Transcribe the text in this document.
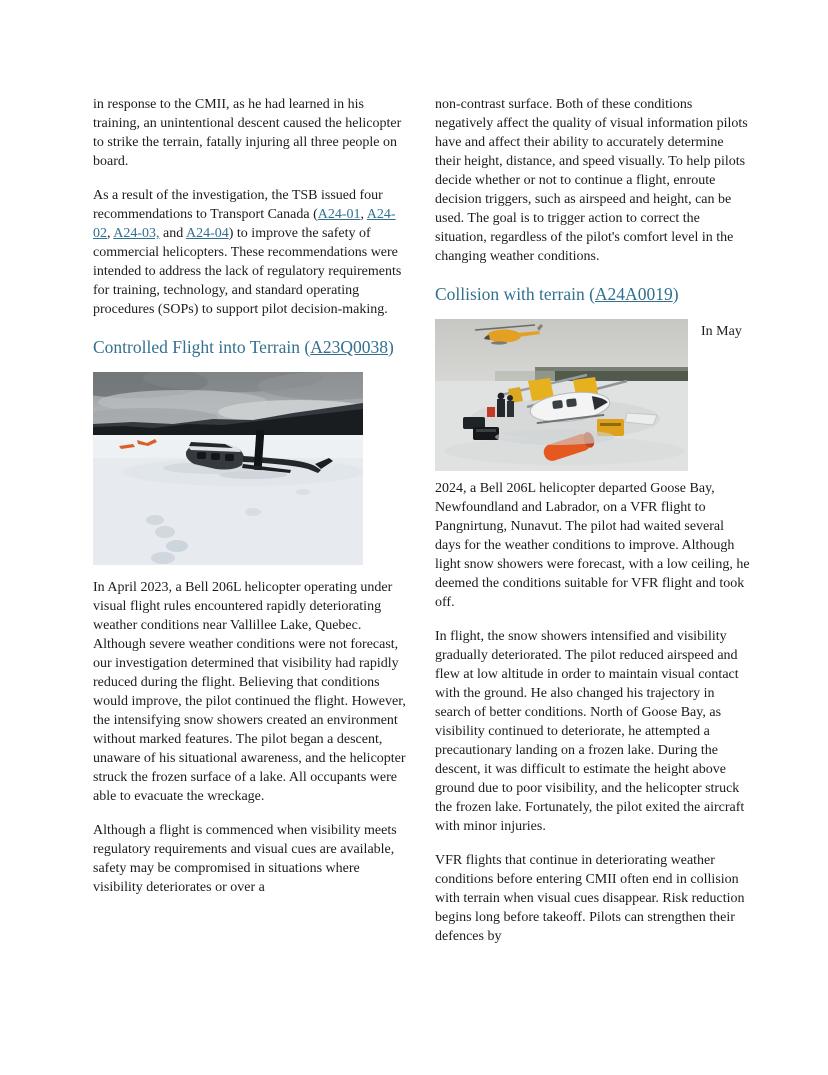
in response to the CMII, as he had learned in his training, an unintentional descent caused the helicopter to strike the terrain, fatally injuring all three people on board.

As a result of the investigation, the TSB issued four recommendations to Transport Canada (A24-01, A24-02, A24-03, and A24-04) to improve the safety of commercial helicopters. These recommendations were intended to address the lack of regulatory requirements for training, technology, and standard operating procedures (SOPs) to support pilot decision-making.

Controlled Flight into Terrain (A23Q0038)

In April 2023, a Bell 206L helicopter operating under visual flight rules encountered rapidly deteriorating weather conditions near Vallillee Lake, Quebec. Although severe weather conditions were not forecast, our investigation determined that visibility had rapidly reduced during the flight. Believing that conditions would improve, the pilot continued the flight. However, the intensifying snow showers created an environment without marked features. The pilot began a descent, unaware of his situational awareness, and the helicopter struck the frozen surface of a lake. All occupants were able to evacuate the wreckage.

Although a flight is commenced when visibility meets regulatory requirements and visual cues are available, safety may be compromised in situations where visibility deteriorates or over a

non-contrast surface. Both of these conditions negatively affect the quality of visual information pilots have and affect their ability to accurately determine their height, distance, and speed visually. To help pilots decide whether or not to continue a flight, enroute decision triggers, such as airspeed and height, can be used. The goal is to trigger action to correct the situation, regardless of the pilot's comfort level in the changing weather conditions.

Collision with terrain (A24A0019)
In May

2024, a Bell 206L helicopter departed Goose Bay, Newfoundland and Labrador, on a VFR flight to Pangnirtung, Nunavut. The pilot had waited several days for the weather conditions to improve. Although light snow showers were forecast, with a low ceiling, he deemed the conditions suitable for VFR flight and took off.

In flight, the snow showers intensified and visibility gradually deteriorated. The pilot reduced airspeed and flew at low altitude in order to maintain visual contact with the ground. He also changed his trajectory in search of better conditions. North of Goose Bay, as visibility continued to deteriorate, he attempted a precautionary landing on a frozen lake. During the descent, it was difficult to estimate the height above ground due to poor visibility, and the helicopter struck the frozen lake. Fortunately, the pilot exited the aircraft with minor injuries.

VFR flights that continue in deteriorating weather conditions before entering CMII often end in collision with terrain when visual cues disappear. Risk reduction begins long before takeoff. Pilots can strengthen their defences by
